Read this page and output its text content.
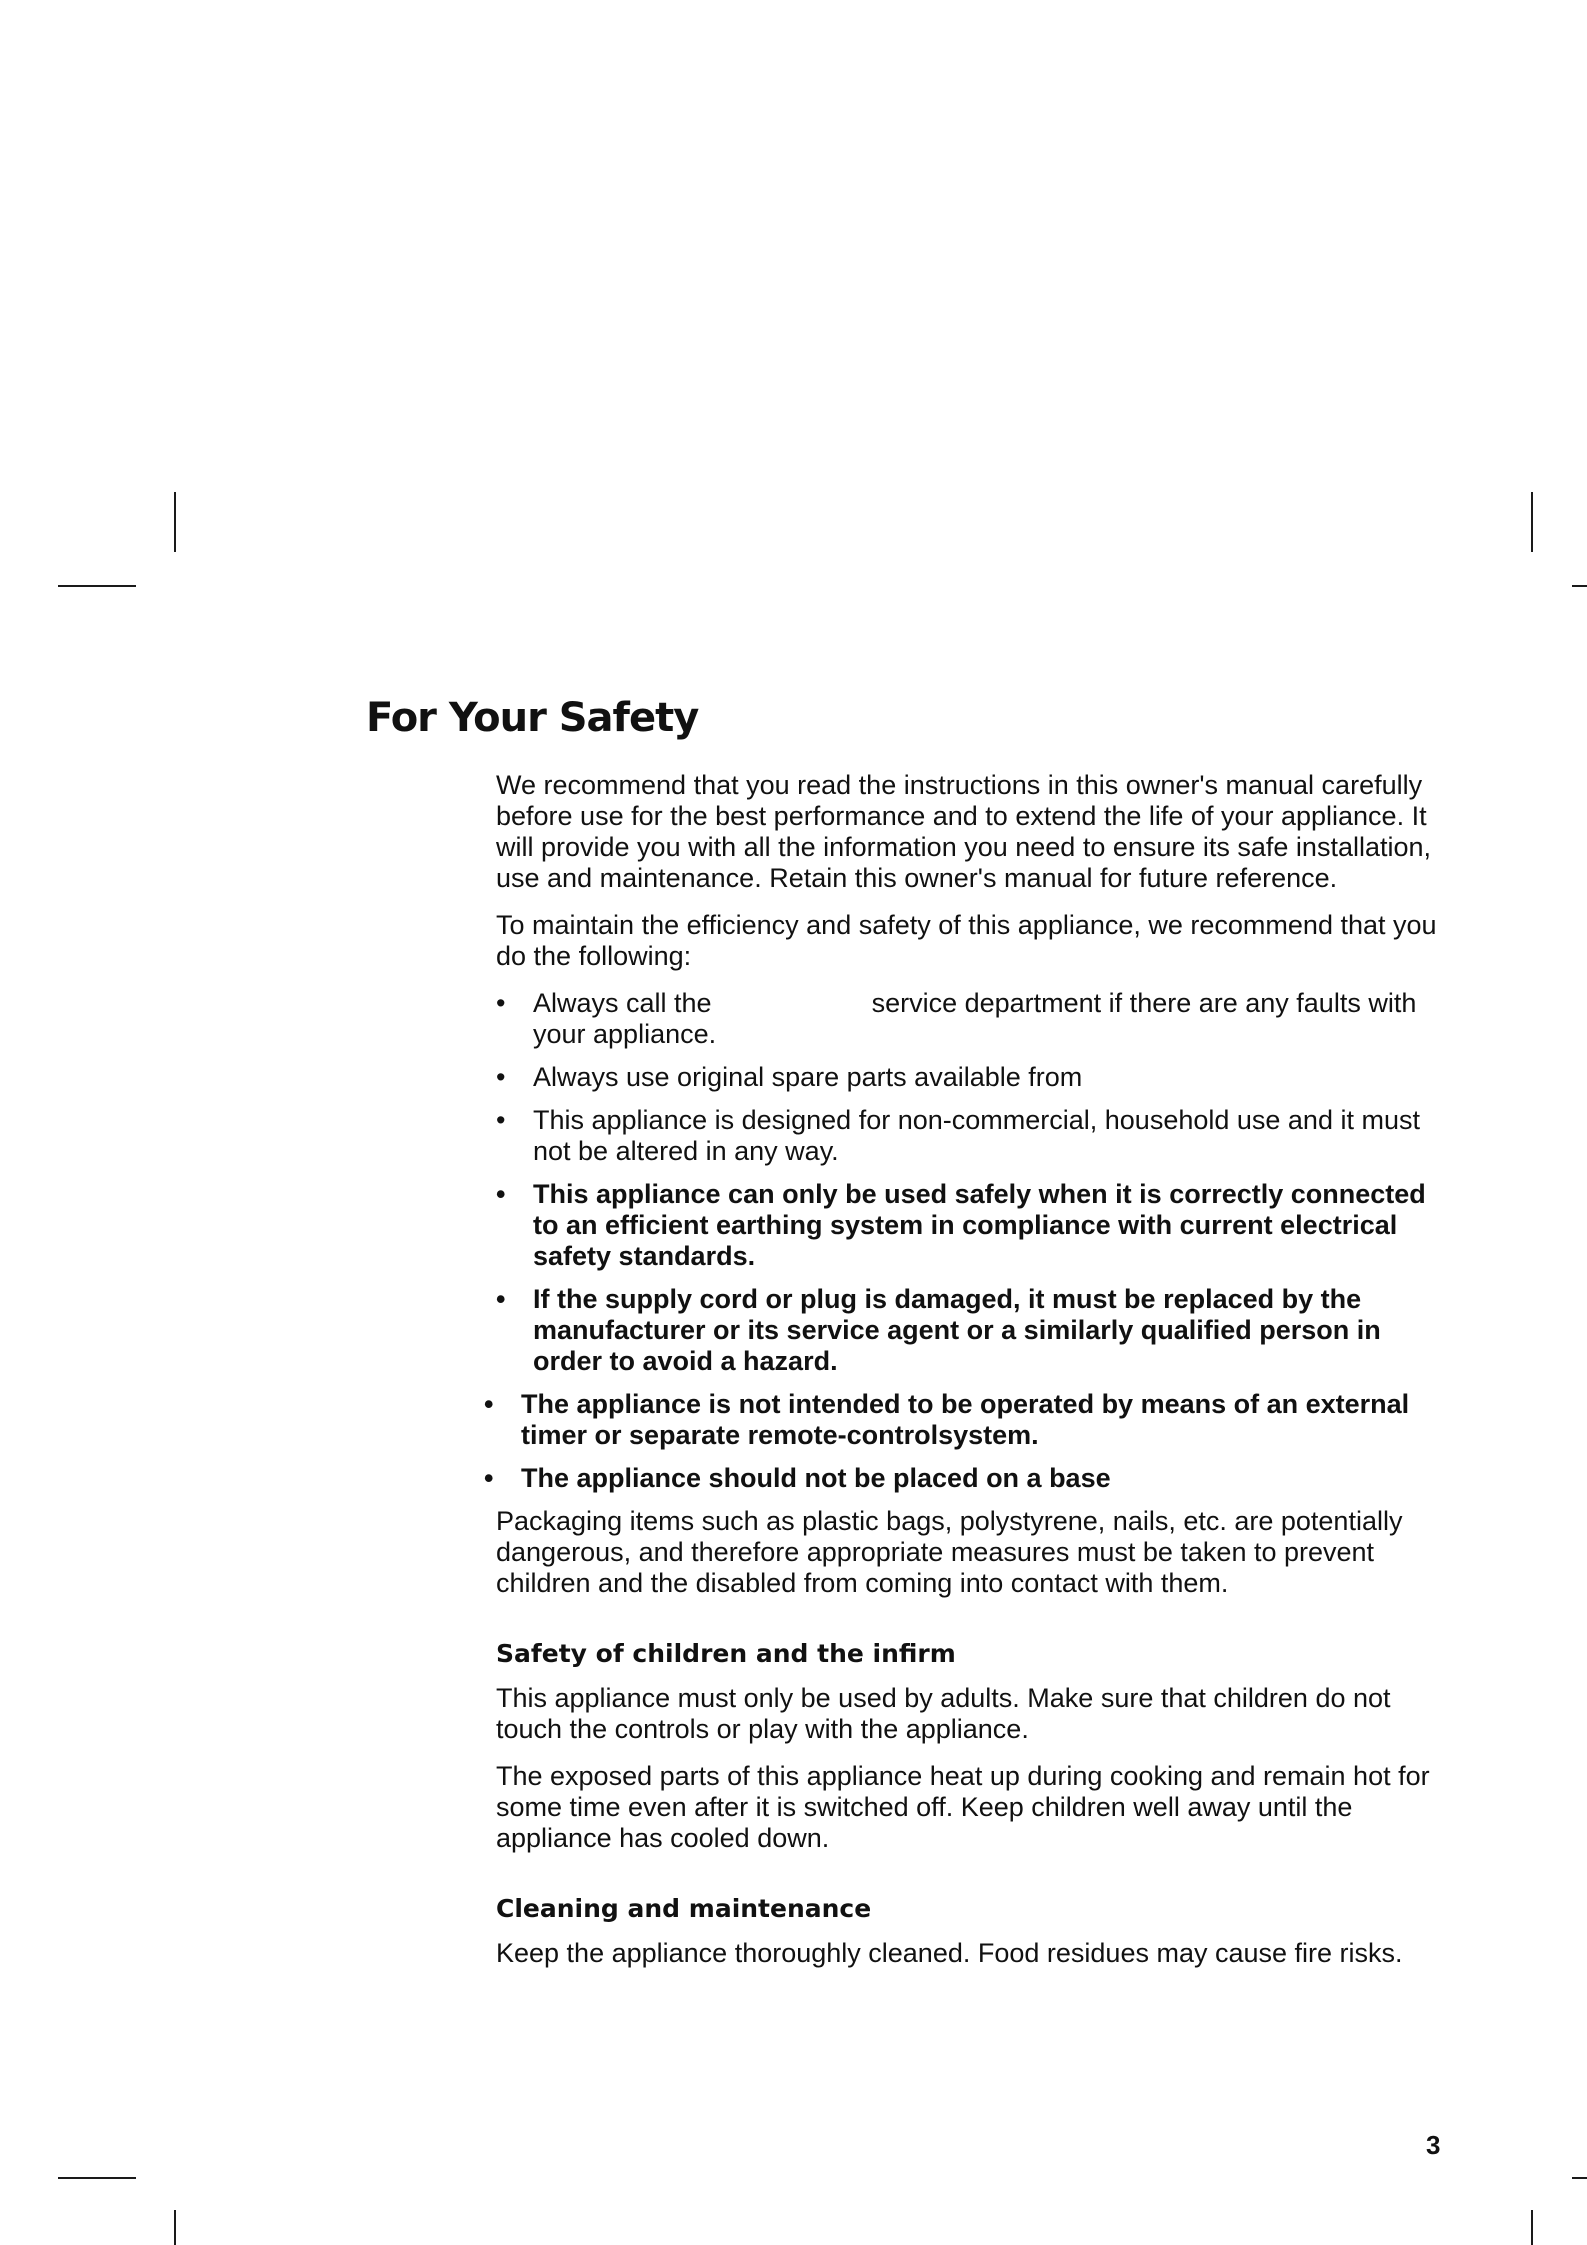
For Your Safety

We recommend that you read the instructions in this owner's manual carefully before use for the best performance and to extend the life of your appliance. It will provide you with all the information you need to ensure its safe installation, use and maintenance. Retain this owner's manual for future reference.

To maintain the efficiency and safety of this appliance, we recommend that you do the following:

• Always call the	service department if there are any faults with your appliance.
• Always use original spare parts available from
• This appliance is designed for non-commercial, household use and it must not be altered in any way.
• This appliance can only be used safely when it is correctly connected to an efficient earthing system in compliance with current electrical safety standards.
• If the supply cord or plug is damaged, it must be replaced by the manufacturer or its service agent or a similarly qualified person in order to avoid a hazard.
• The appliance is not intended to be operated by means of an external timer or separate remote-controlsystem.
• The appliance should not be placed on a base

Packaging items such as plastic bags, polystyrene, nails, etc. are potentially dangerous, and therefore appropriate measures must be taken to prevent children and the disabled from coming into contact with them.

Safety of children and the infirm

This appliance must only be used by adults. Make sure that children do not touch the controls or play with the appliance.

The exposed parts of this appliance heat up during cooking and remain hot for some time even after it is switched off. Keep children well away until the appliance has cooled down.

Cleaning and maintenance

Keep the appliance thoroughly cleaned. Food residues may cause fire risks.

3
